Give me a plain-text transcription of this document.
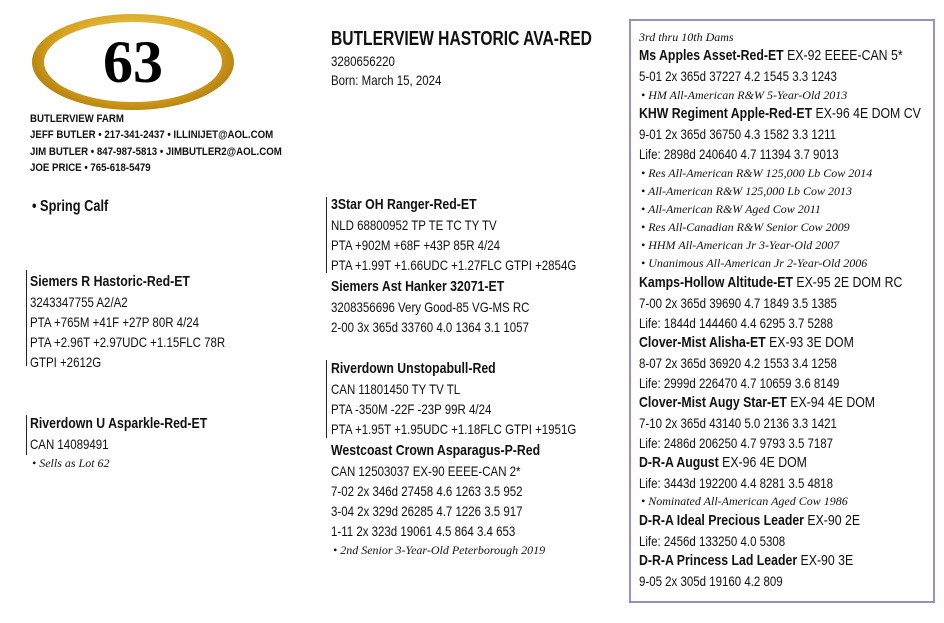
63
BUTLERVIEW FARM
JEFF BUTLER • 217-341-2437 • ILLINIJET@AOL.COM
JIM BUTLER • 847-987-5813 • JIMBUTLER2@AOL.COM
JOE PRICE • 765-618-5479
BUTLERVIEW HASTORIC AVA-RED
3280656220
Born: March 15, 2024
• Spring Calf
Siemers R Hastoric-Red-ET
3243347755 A2/A2
PTA +765M +41F +27P 80R 4/24
PTA +2.96T +2.97UDC +1.15FLC 78R
GTPI +2612G
Riverdown U Asparkle-Red-ET
CAN 14089491
• Sells as Lot 62
3Star OH Ranger-Red-ET
NLD 68800952 TP TE TC TY TV
PTA +902M +68F +43P 85R 4/24
PTA +1.99T +1.66UDC +1.27FLC GTPI +2854G
Siemers Ast Hanker 32071-ET
3208356696 Very Good-85 VG-MS RC
2-00 3x 365d 33760 4.0 1364 3.1 1057
Riverdown Unstopabull-Red
CAN 11801450 TY TV TL
PTA -350M -22F -23P 99R 4/24
PTA +1.95T +1.95UDC +1.18FLC GTPI +1951G
Westcoast Crown Asparagus-P-Red
CAN 12503037 EX-90 EEEE-CAN 2*
7-02 2x 346d 27458 4.6 1263 3.5 952
3-04 2x 329d 26285 4.7 1226 3.5 917
1-11 2x 323d 19061 4.5 864 3.4 653
• 2nd Senior 3-Year-Old Peterborough 2019
3rd thru 10th Dams
Ms Apples Asset-Red-ET EX-92 EEEE-CAN 5*
5-01 2x 365d 37227 4.2 1545 3.3 1243
• HM All-American R&W 5-Year-Old 2013
KHW Regiment Apple-Red-ET EX-96 4E DOM CV
9-01 2x 365d 36750 4.3 1582 3.3 1211
Life: 2898d 240640 4.7 11394 3.7 9013
• Res All-American R&W 125,000 Lb Cow 2014
• All-American R&W 125,000 Lb Cow 2013
• All-American R&W Aged Cow 2011
• Res All-Canadian R&W Senior Cow 2009
• HHM All-American Jr 3-Year-Old 2007
• Unanimous All-American Jr 2-Year-Old 2006
Kamps-Hollow Altitude-ET EX-95 2E DOM RC
7-00 2x 365d 39690 4.7 1849 3.5 1385
Life: 1844d 144460 4.4 6295 3.7 5288
Clover-Mist Alisha-ET EX-93 3E DOM
8-07 2x 365d 36920 4.2 1553 3.4 1258
Life: 2999d 226470 4.7 10659 3.6 8149
Clover-Mist Augy Star-ET EX-94 4E DOM
7-10 2x 365d 43140 5.0 2136 3.3 1421
Life: 2486d 206250 4.7 9793 3.5 7187
D-R-A August EX-96 4E DOM
Life: 3443d 192200 4.4 8281 3.5 4818
• Nominated All-American Aged Cow 1986
D-R-A Ideal Precious Leader EX-90 2E
Life: 2456d 133250 4.0 5308
D-R-A Princess Lad Leader EX-90 3E
9-05 2x 305d 19160 4.2 809
